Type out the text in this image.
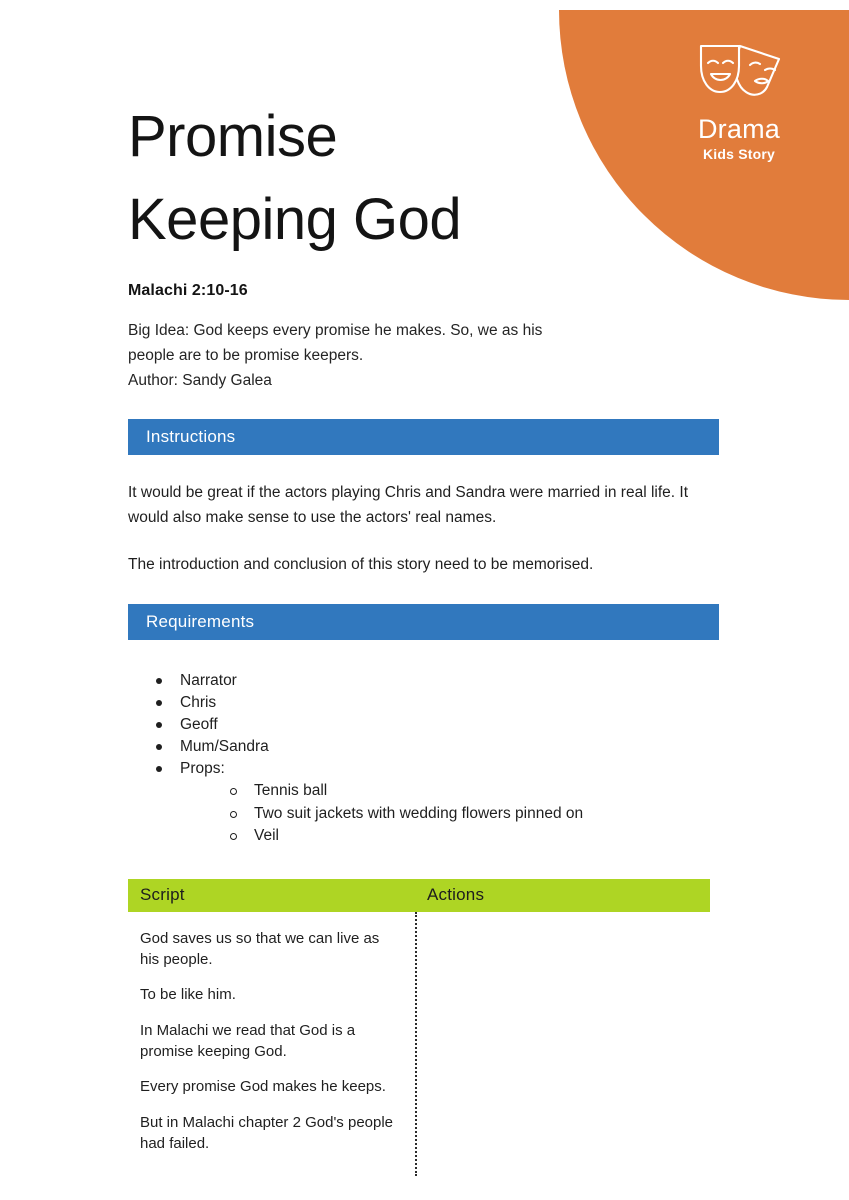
Drama
Kids Story
Promise Keeping God

Malachi 2:10-16

Big Idea: God keeps every promise he makes. So, we as his people are to be promise keepers.

Author: Sandy Galea

Instructions

It would be great if the actors playing Chris and Sandra were married in real life. It would also make sense to use the actors' real names.

The introduction and conclusion of this story need to be memorised.

Requirements
Narrator
Chris
Geoff
Mum/Sandra
Props:
Tennis ball
Two suit jackets with wedding flowers pinned on
Veil
Script	Actions

God saves us so that we can live as his people.

To be like him.

In Malachi we read that God is a promise keeping God.

Every promise God makes he keeps.

But in Malachi chapter 2 God's people had failed.
